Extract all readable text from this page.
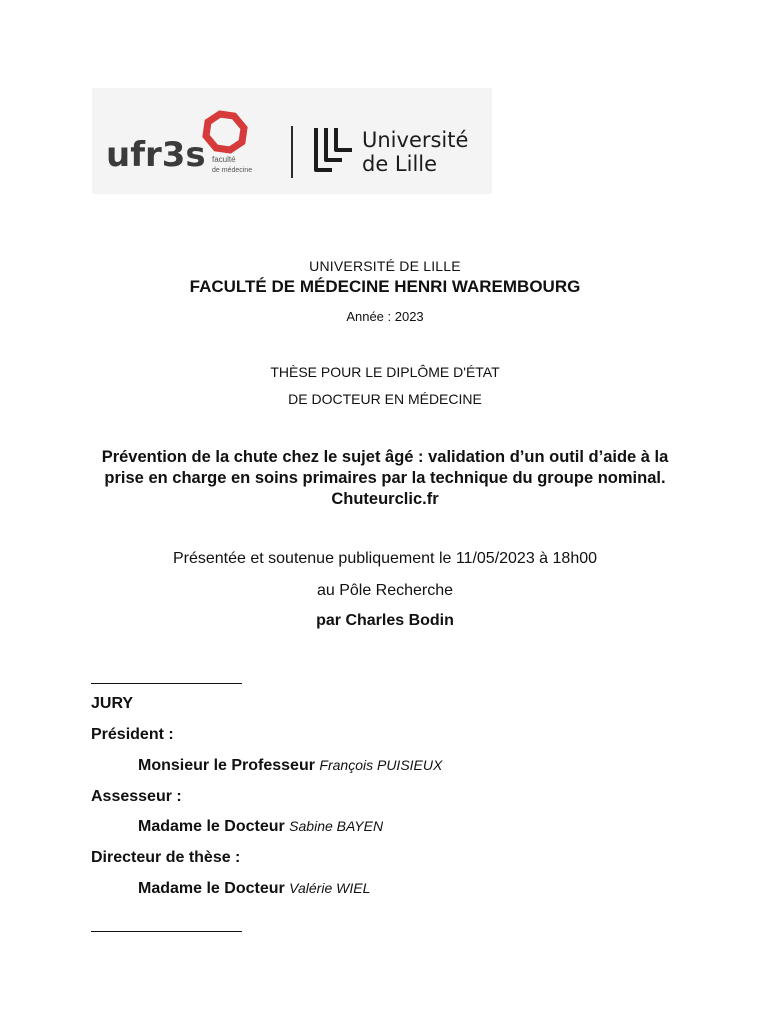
ufr3s faculté
de médecine
Université
de Lille

UNIVERSITÉ DE LILLE

FACULTÉ DE MÉDECINE HENRI WAREMBOURG

Année : 2023

THÈSE POUR LE DIPLÔME D'ÉTAT

DE DOCTEUR EN MÉDECINE

Prévention de la chute chez le sujet âgé : validation d’un outil d’aide à la prise en charge en soins primaires par la technique du groupe nominal. Chuteurclic.fr

Présentée et soutenue publiquement le 11/05/2023 à 18h00

au Pôle Recherche

par Charles Bodin

JURY

Président :

Monsieur le Professeur François PUISIEUX

Assesseur :

Madame le Docteur Sabine BAYEN

Directeur de thèse :

Madame le Docteur Valérie WIEL
